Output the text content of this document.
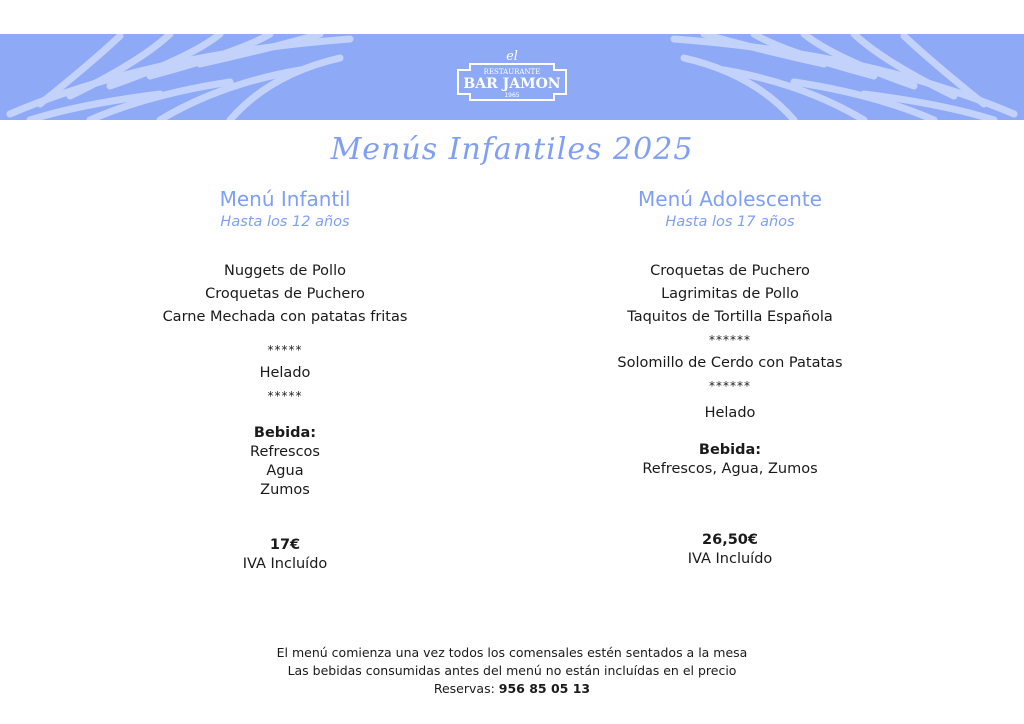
el
RESTAURANTE
BAR JAMON
1965
Menús Infantiles 2025

Menú Infantil

Hasta los 12 años

Nuggets de Pollo
Croquetas de Puchero
Carne Mechada con patatas fritas
*****
Helado
*****
Bebida:
Refrescos
Agua
Zumos
17€
IVA Incluído

Menú Adolescente

Hasta los 17 años

Croquetas de Puchero
Lagrimitas de Pollo
Taquitos de Tortilla Española
******
Solomillo de Cerdo con Patatas
******
Helado
Bebida:
Refrescos, Agua, Zumos
26,50€
IVA Incluído
El menú comienza una vez todos los comensales estén sentados a la mesa
Las bebidas consumidas antes del menú no están incluídas en el precio
Reservas: 956 85 05 13
